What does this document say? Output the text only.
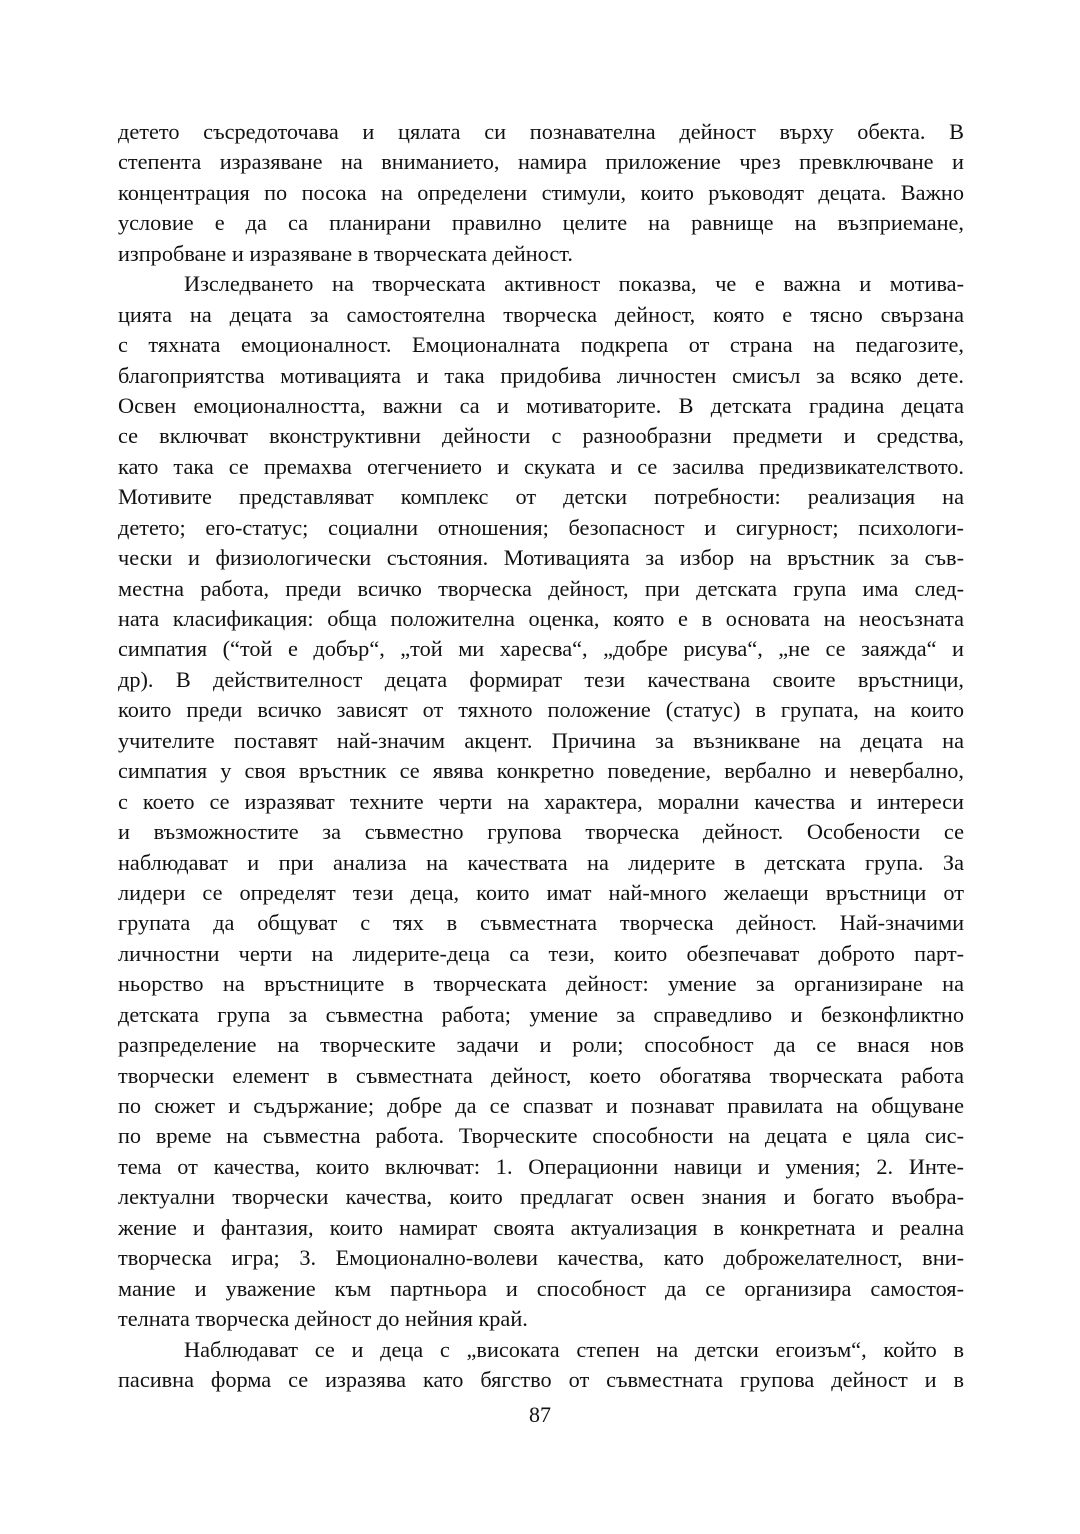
детето съсредоточава и цялата си познавателна дейност върху обекта. В
степента изразяване на вниманието, намира приложение чрез превключване и
концентрация по посока на определени стимули, които ръководят децата. Важно
условие е да са планирани правилно целите на равнище на възприемане,
изпробване и изразяване в творческата дейност.
Изследването на творческата активност показва, че е важна и мотива-
цията на децата за самостоятелна творческа дейност, която е тясно свързана
с тяхната емоционалност. Емоционалната подкрепа от страна на педагозите,
благоприятства мотивацията и така придобива личностен смисъл за всяко дете.
Освен емоционалността, важни са и мотиваторите. В детската градина децата
се включват вконструктивни дейности с разнообразни предмети и средства,
като така се премахва отегчението и скуката и се засилва предизвикателството.
Мотивите представляват комплекс от детски потребности: реализация на
детето; его-статус; социални отношения; безопасност и сигурност; психологи-
чески и физиологически състояния. Мотивацията за избор на връстник за съв-
местна работа, преди всичко творческа дейност, при детската група има след-
ната класификация: обща положителна оценка, която е в основата на неосъзната
симпатия (“той е добър“, „той ми харесва“, „добре рисува“, „не се заяжда“ и
др). В действителност децата формират тези качествана своите връстници,
които преди всичко зависят от тяхното положение (статус) в групата, на които
учителите поставят най-значим акцент. Причина за възникване на децата на
симпатия у своя връстник се явява конкретно поведение, вербално и невербално,
с което се изразяват техните черти на характера, морални качества и интереси
и възможностите за съвместно групова творческа дейност. Особености се
наблюдават и при анализа на качествата на лидерите в детската група. За
лидери се определят тези деца, които имат най-много желаещи връстници от
групата да общуват с тях в съвместната творческа дейност. Най-значими
личностни черти на лидерите-деца са тези, които обезпечават доброто парт-
ньорство на връстниците в творческата дейност: умение за организиране на
детската група за съвместна работа; умение за справедливо и безконфликтно
разпределение на творческите задачи и роли; способност да се внася нов
творчески елемент в съвместната дейност, което обогатява творческата работа
по сюжет и съдържание; добре да се спазват и познават правилата на общуване
по време на съвместна работа. Творческите способности на децата е цяла сис-
тема от качества, които включват: 1. Операционни навици и умения; 2. Инте-
лектуални творчески качества, които предлагат освен знания и богато въобра-
жение и фантазия, които намират своята актуализация в конкретната и реална
творческа игра; 3. Емоционално-волеви качества, като доброжелателност, вни-
мание и уважение към партньора и способност да се организира самостоя-
телната творческа дейност до нейния край.
Наблюдават се и деца с „високата степен на детски егоизъм“, който в
пасивна форма се изразява като бягство от съвместната групова дейност и в
87
